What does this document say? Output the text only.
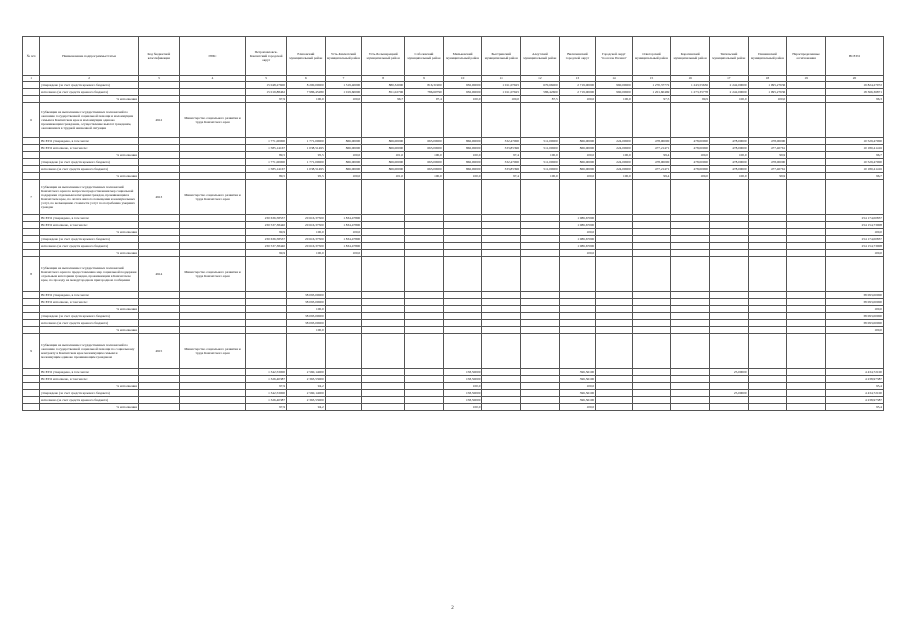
№ п/п	Наименование подпрограммы/статьи	Код бюджетной классификации	ГРБС	Петропавловск-Камчатский городской округ	Елизовский муниципальный район	Усть-Камчатский муниципальный район	Усть-Большерецкий муниципальный район	Соболевский муниципальный район	Мильковский муниципальный район	Быстринский муниципальный район	Алеутский муниципальный район	Вилючинский городской округ	Городской округ "поселок Палана"	Олюторский муниципальный район	Карагинский муниципальный район	Тигильский муниципальный район	Пенжинский муниципальный район	Нераспределенные ассигнования	ВСЕГО
1	2	3	4	5	6	7	8	9	10	11	12	13	14	15	16	17	18	19	20
	утверждено (за счет средств краевого бюджета)			15 048,27600	8 200,00000	1 319,40000	880,32000	816,31900	936,00000	1 011,07625	670,66000	2 719,00000	960,00000	1 270,37772	1 243,55636	2 242,00000	1 095,27636		19 824,27972
	исполнено (за счет средств краевого бюджета)			15 019,88462	7 986,45280	1 019,60000	851,02706	786,60790	936,00000	1 011,07625	586,42600	2 719,00000	960,00000	1 201,60469	1 273,35778	2 242,00000	1 095,27636		18 366,36871
	% исполнения			97,9	100,0	100,0	96,7	97,4	100,0	100,0	87,5	100,0	100,0	97,5	99,9	100,0	100,0		96,3
6	Субвенции на выполнение государственных полномочий по оказанию государственной социальной помощи и малоимущим семьям в Камчатском крае и малоимущим одиноко проживающим гражданам, осуществление выплат гражданам, оказавшимся в трудной жизненной ситуации	4912	Министерство социального развития и труда Камчатского края																
	ВСЕГО утверждено, в том числе:			1 771,00000	1 771,00000	866,00000	866,00000	663,00000	866,00000	332,47000	511,00000	866,00000	224,00000	478,00000	478,00000	478,00000	478,00000		10 529,47000
	ВСЕГО исполнено, в том числе:			1 585,14167	1 038,51495	866,00000	866,00000	663,00000	866,00000	333,85396	511,00000	866,00000	224,00000	477,21471	478,00000	478,00000	477,40761		10 180,41416
	% исполнения			89,5	95,5	100,0	101,0	100,0	100,0	97,4	100,0	100,0	100,0	99,4	100,0	100,0	99,9		96,7
	утверждено (за счет средств краевого бюджета)			1 771,00000	1 771,00000	866,00000	866,00000	663,00000	866,00000	332,47000	511,00000	866,00000	224,00000	478,00000	478,00000	478,00000	478,00000		10 529,47000
	исполнено (за счет средств краевого бюджета)			1 585,14167	1 038,51495	866,00000	866,00000	663,00000	866,00000	333,85396	511,00000	866,00000	224,00000	477,21471	478,00000	478,00000	477,40761		10 180,41416
	% исполнения			89,5	95,5	100,0	101,0	100,0	100,0	97,4	100,0	100,0	100,0	99,4	100,0	100,0	99,9		96,7
7	Субвенции на выполнение государственных полномочий Камчатского края по вопросам предоставления мер социальной поддержки отдельным категориям граждан, проживающим в Камчатском крае, по оплате жилого помещения и коммунальных услуг, по возмещению стоимости услуг по погребению умерших граждан	4913	Министерство социального развития и труда Камчатского края																
	ВСЕГО утверждено, в том числе:			230 636,58537	20 616,37500	1 834,47800						1 086,67000							254 174,00837
	ВСЕГО исполнено, в том числе:			230 537,38440	20 616,37500	1 834,47800						1 086,67000							254 154,73908
	% исполнения			99,9	100,0	100,0						100,0							100,0
	утверждено (за счет средств краевого бюджета)			230 636,58537	20 616,37500	1 834,47800						1 086,67000							254 174,00837
	исполнено (за счет средств краевого бюджета)			230 537,38440	20 616,37500	1 834,47800						1 086,67000							254 154,73908
	% исполнения			99,9	100,0	100,0						100,0							100,0
8	Субвенции на выполнение государственных полномочий Камчатского края по предоставлению мер социальной поддержки отдельным категориям граждан, проживающим в Камчатском крае, по проезду на междугородном пригородном сообщении	4914	Министерство социального развития и труда Камчатского края																
	ВСЕГО утверждено, в том числе:				38 093,00000														38 093,00000
	ВСЕГО исполнено, в том числе:				38 093,00000														38 093,00000
	% исполнения				100,0														100,0
	утверждено (за счет средств краевого бюджета)				38 093,00000														38 093,00000
	исполнено (за счет средств краевого бюджета)				38 093,00000														38 093,00000
	% исполнения				100,0														100,0
9	Субвенции на выполнение государственных полномочий по оказанию государственной социальной помощи по социальному контракту в Камчатском крае малоимущим семьям и малоимущим одиноко проживающим гражданам	4915	Министерство социального развития и труда Камчатского края																
	ВСЕГО утверждено, в том числе:			1 342,53000	2 560,14000				158,50000			396,56100				25,00000			4 434,72100
	ВСЕГО исполнено, в том числе:			1 326,40387	2 363,53000				158,50000			396,56100							4 238,97387
	% исполнения			97,9	94,2				100,0			100,0							95,4
	утверждено (за счет средств краевого бюджета)			1 342,53000	2 560,14000				158,50000			396,56100				25,00000			4 434,72100
	исполнено (за счет средств краевого бюджета)			1 326,40387	2 363,53000				158,50000			396,56100							4 238,97387
	% исполнения			97,9	94,2				100,0			100,0							95,4
2
